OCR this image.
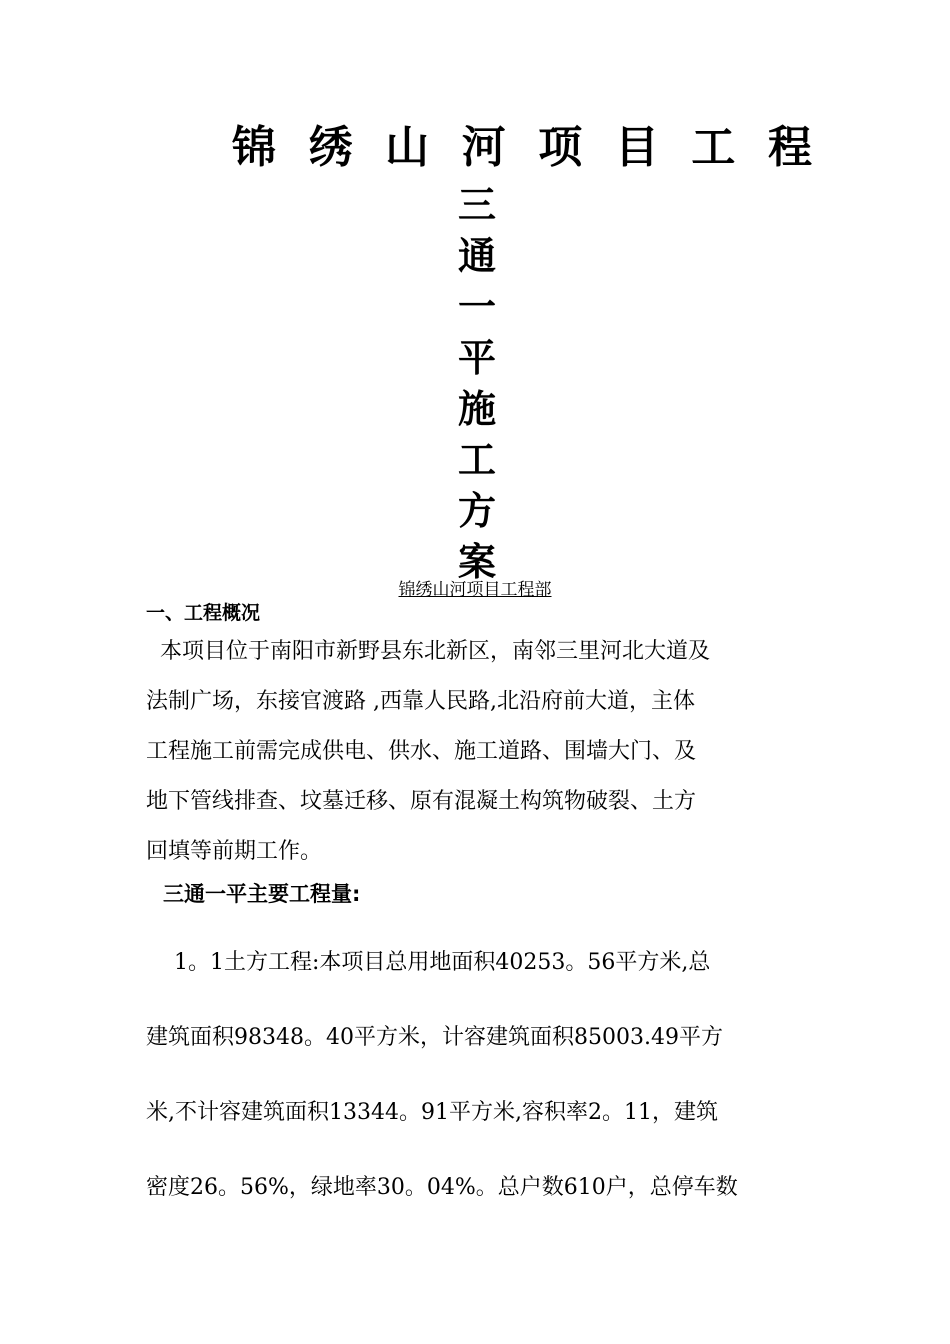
锦 绣 山 河 项 目 工 程
三
通
一
平
施
工
方
案
锦绣山河项目工程部
一、工程概况
本项目位于南阳市新野县东北新区，南邻三里河北大道及
法制广场，东接官渡路 ,西靠人民路,北沿府前大道，主体
工程施工前需完成供电、供水、施工道路、围墙大门、及
地下管线排查、坟墓迁移、原有混凝土构筑物破裂、土方
回填等前期工作。
三通一平主要工程量:
1。1土方工程:本项目总用地面积40253。56平方米,总
建筑面积98348。40平方米，计容建筑面积85003.49平方
米,不计容建筑面积13344。91平方米,容积率2。11，建筑
密度26。56%，绿地率30。04%。总户数610户，总停车数
